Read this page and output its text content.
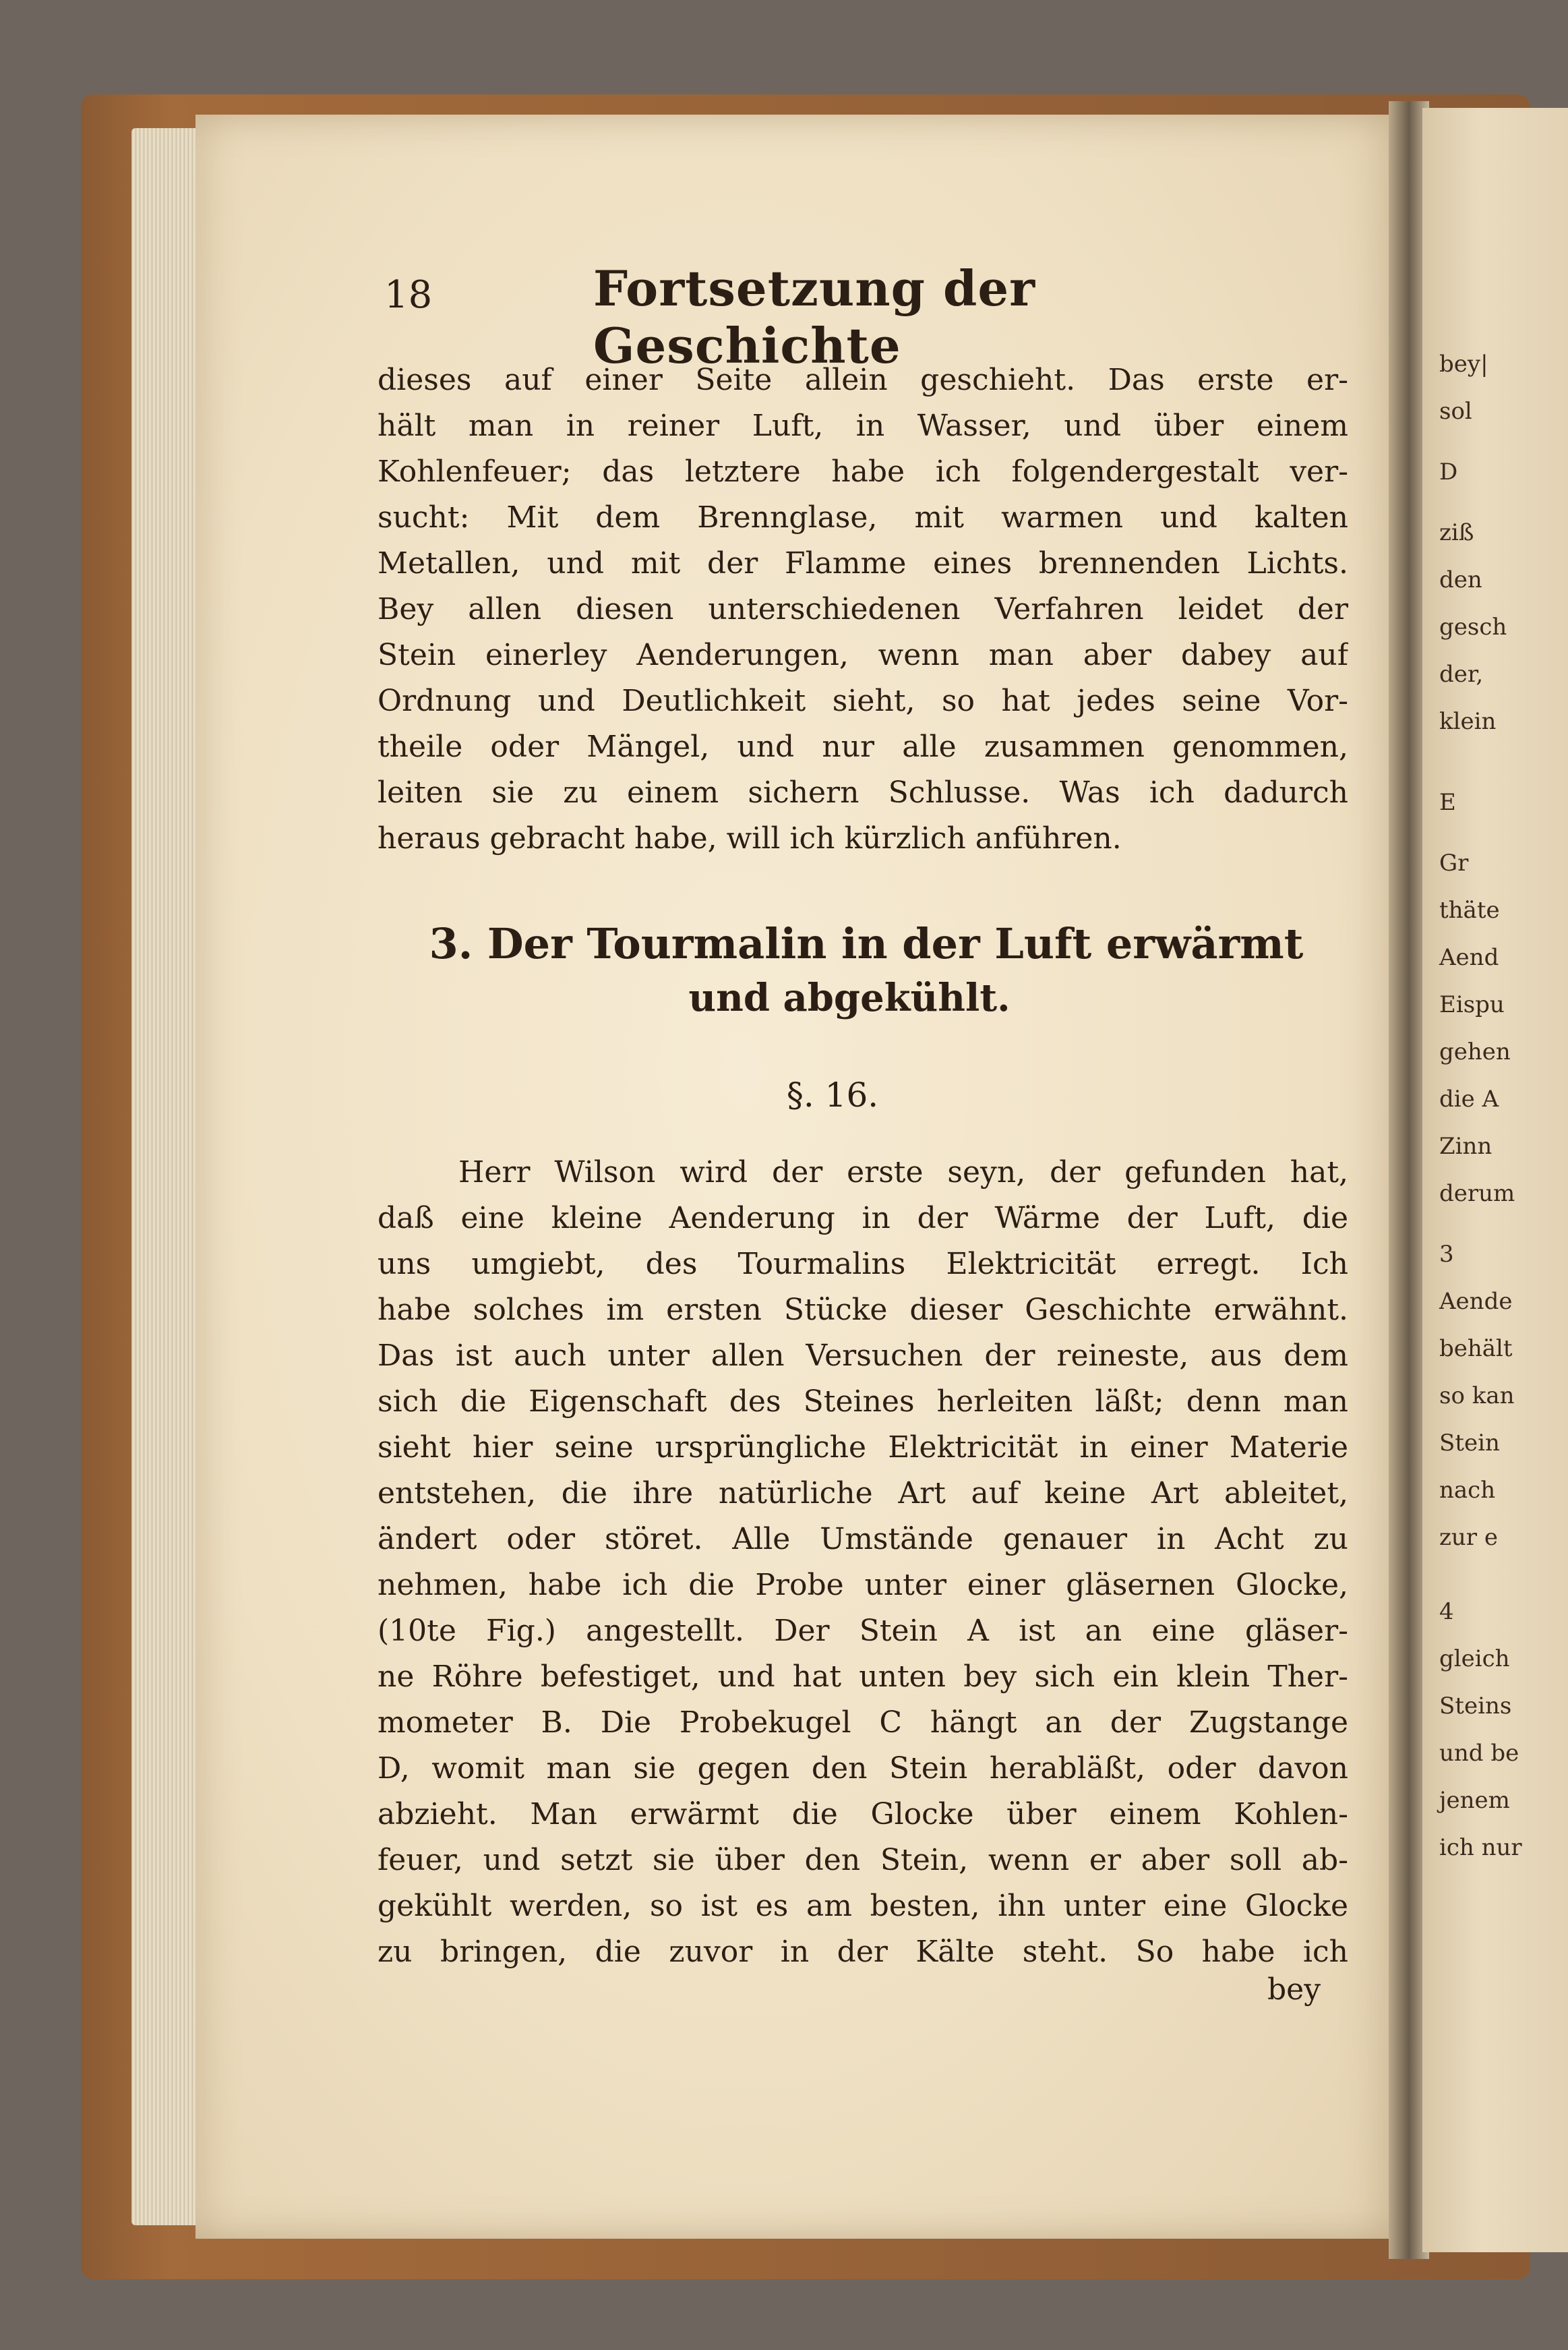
bey|
sol
D
ziß
den
gesch
der,
klein
E
Gr
thäte
Aend
Eispu
gehen
die A
Zinn
derum
3
Aende
behält
so kan
Stein
nach
zur e
4
gleich
Steins
und be
jenem
ich nur
18	Fortsetzung der Geschichte
dieses auf einer Seite allein geschieht. Das erste er-
hält man in reiner Luft, in Wasser, und über einem
Kohlenfeuer; das letztere habe ich folgendergestalt ver-
sucht: Mit dem Brennglase, mit warmen und kalten
Metallen, und mit der Flamme eines brennenden Lichts.
Bey allen diesen unterschiedenen Verfahren leidet der
Stein einerley Aenderungen, wenn man aber dabey auf
Ordnung und Deutlichkeit sieht, so hat jedes seine Vor-
theile oder Mängel, und nur alle zusammen genommen,
leiten sie zu einem sichern Schlusse. Was ich dadurch
heraus gebracht habe, will ich kürzlich anführen.
3. Der Tourmalin in der Luft erwärmt
und abgekühlt.
§. 16.
Herr Wilson wird der erste seyn, der gefunden hat,
daß eine kleine Aenderung in der Wärme der Luft, die
uns umgiebt, des Tourmalins Elektricität erregt. Ich
habe solches im ersten Stücke dieser Geschichte erwähnt.
Das ist auch unter allen Versuchen der reineste, aus dem
sich die Eigenschaft des Steines herleiten läßt; denn man
sieht hier seine ursprüngliche Elektricität in einer Materie
entstehen, die ihre natürliche Art auf keine Art ableitet,
ändert oder störet. Alle Umstände genauer in Acht zu
nehmen, habe ich die Probe unter einer gläsernen Glocke,
(10te Fig.) angestellt. Der Stein A ist an eine gläser-
ne Röhre befestiget, und hat unten bey sich ein klein Ther-
mometer B. Die Probekugel C hängt an der Zugstange
D, womit man sie gegen den Stein herabläßt, oder davon
abzieht. Man erwärmt die Glocke über einem Kohlen-
feuer, und setzt sie über den Stein, wenn er aber soll ab-
gekühlt werden, so ist es am besten, ihn unter eine Glocke
zu bringen, die zuvor in der Kälte steht. So habe ich
bey
